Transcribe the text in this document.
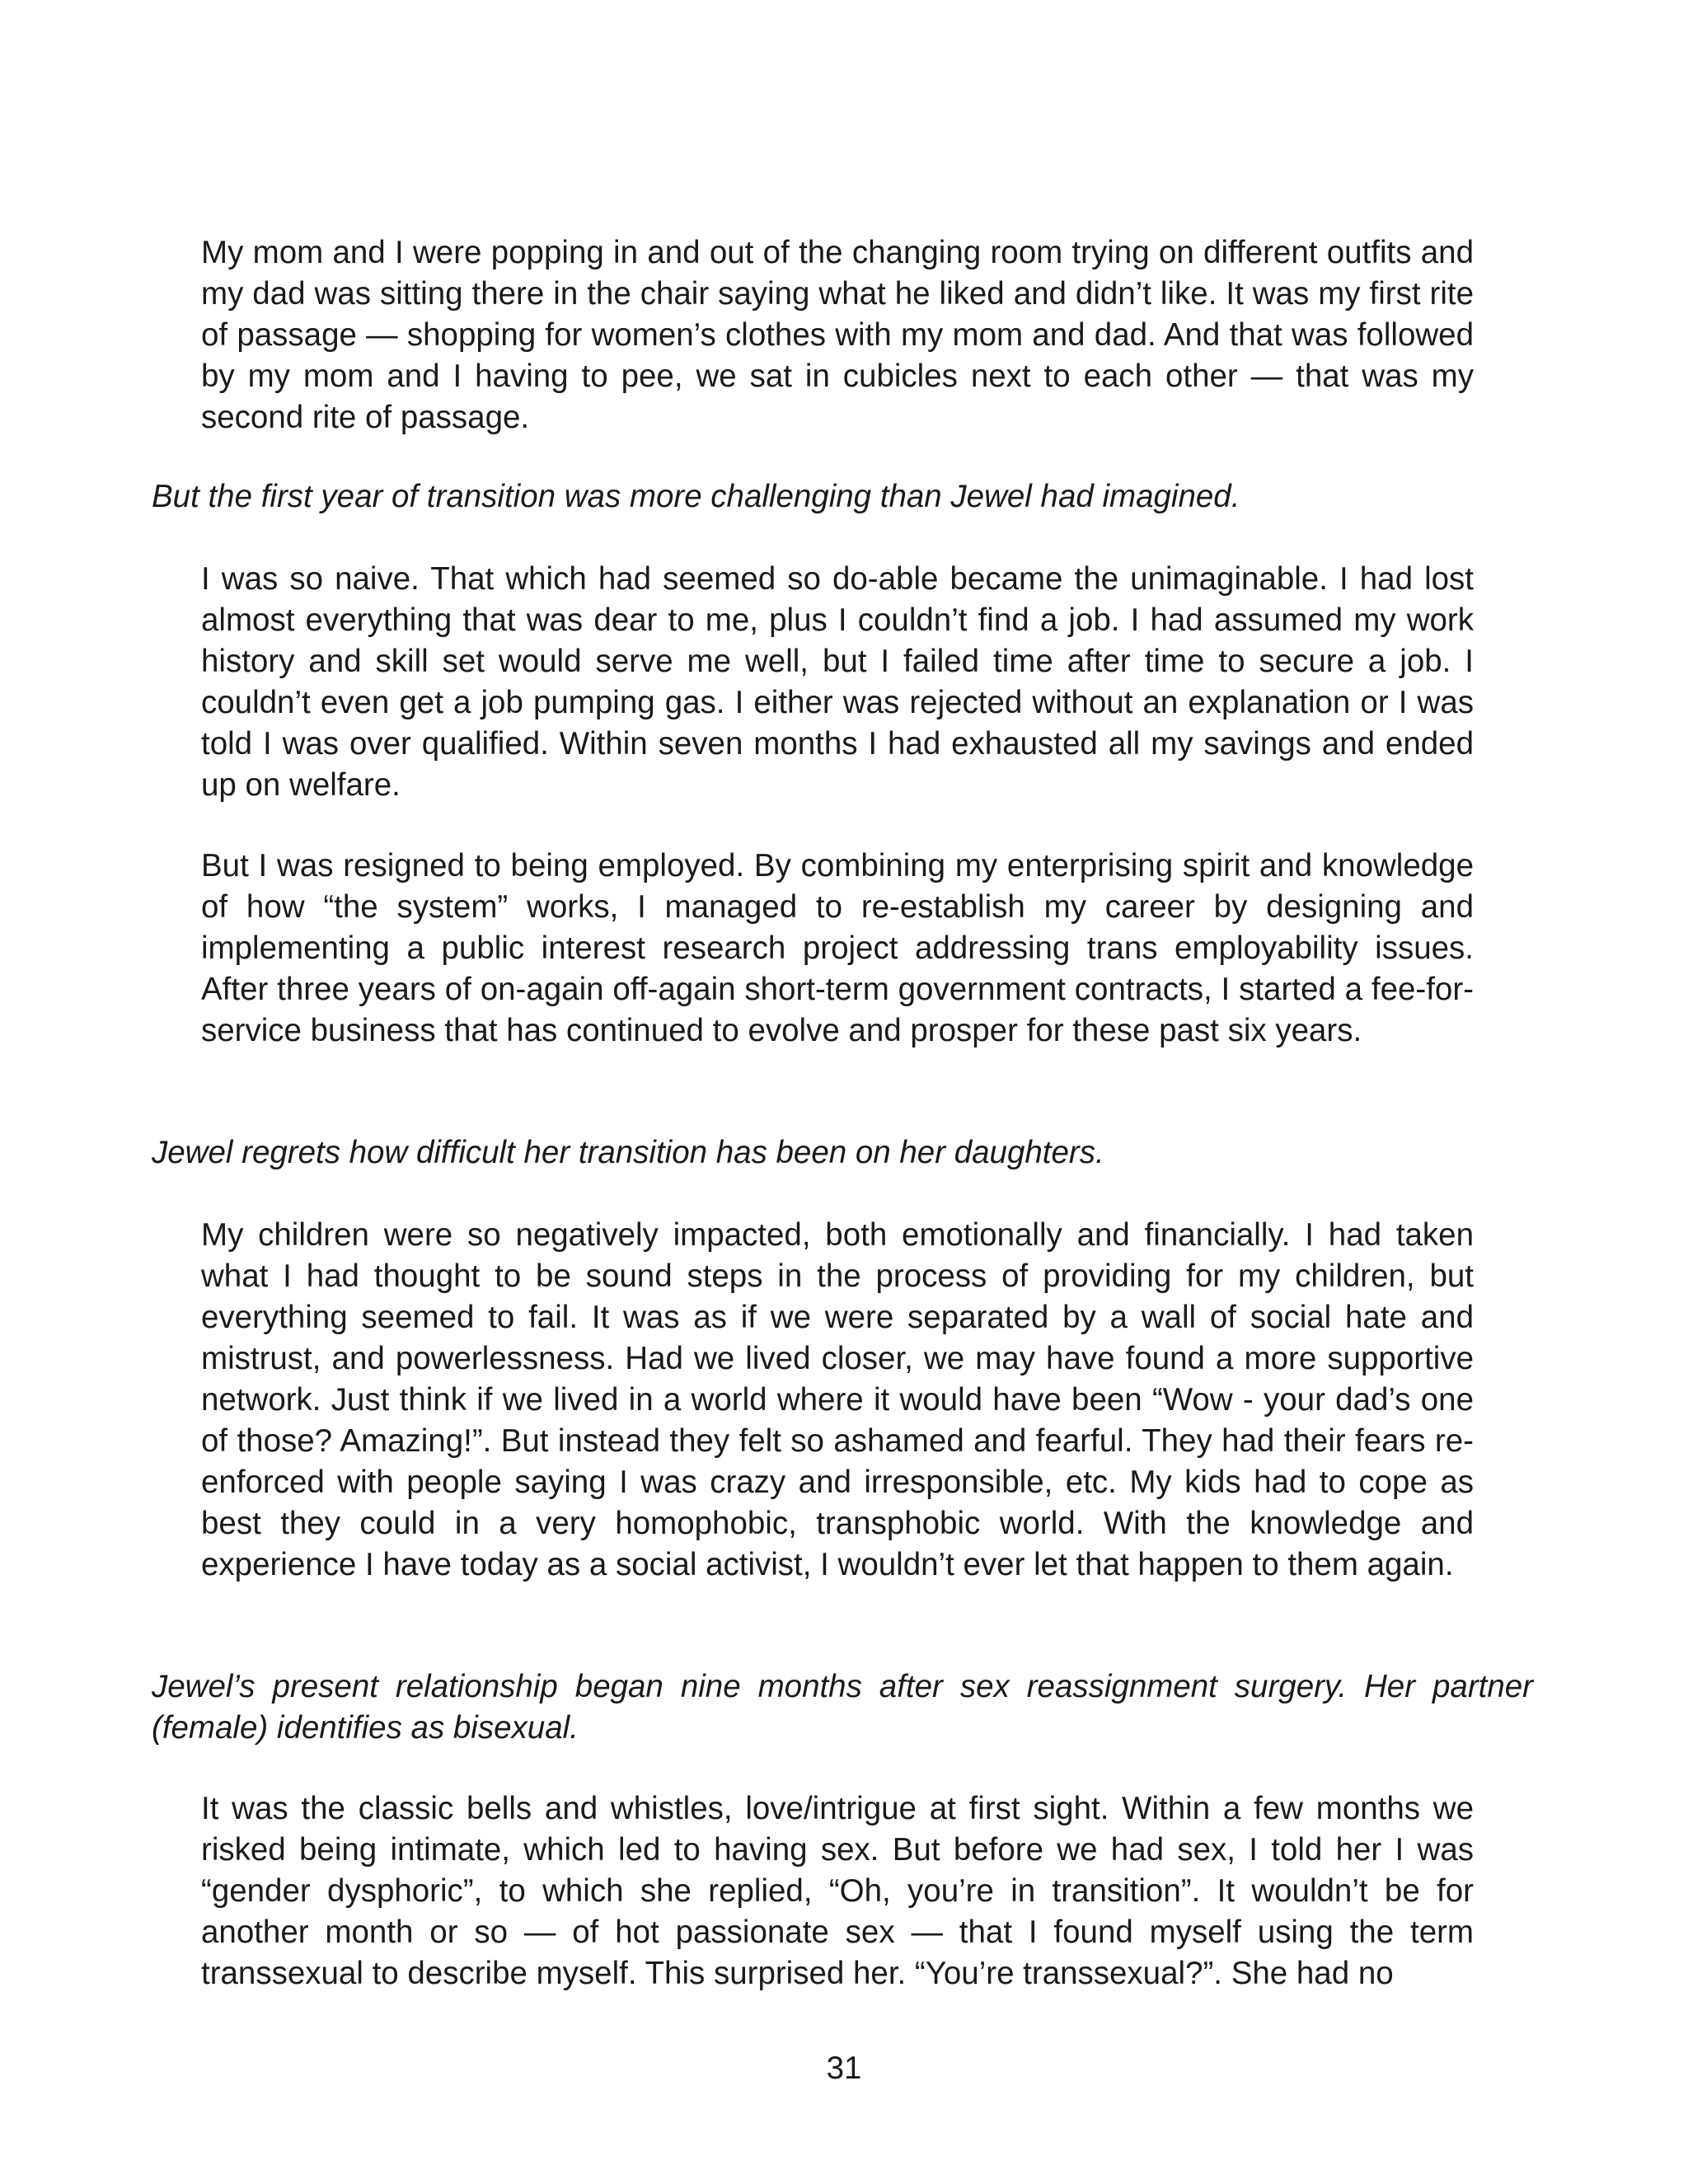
My mom and I were popping in and out of the changing room trying on different outfits and my dad was sitting there in the chair saying what he liked and didn’t like. It was my first rite of passage — shopping for women’s clothes with my mom and dad. And that was followed by my mom and I having to pee, we sat in cubicles next to each other — that was my second rite of passage.

But the first year of transition was more challenging than Jewel had imagined.

I was so naive. That which had seemed so do-able became the unimaginable. I had lost almost everything that was dear to me, plus I couldn’t find a job. I had assumed my work history and skill set would serve me well, but I failed time after time to secure a job. I couldn’t even get a job pumping gas. I either was rejected without an explanation or I was told I was over qualified. Within seven months I had exhausted all my savings and ended up on welfare.

But I was resigned to being employed. By combining my enterprising spirit and knowledge of how “the system” works, I managed to re-establish my career by designing and implementing a public interest research project addressing trans employability issues. After three years of on-again off-again short-term government contracts, I started a fee-for-service business that has continued to evolve and prosper for these past six years.

Jewel regrets how difficult her transition has been on her daughters.

My children were so negatively impacted, both emotionally and financially. I had taken what I had thought to be sound steps in the process of providing for my children, but everything seemed to fail. It was as if we were separated by a wall of social hate and mistrust, and powerlessness. Had we lived closer, we may have found a more supportive network. Just think if we lived in a world where it would have been “Wow - your dad’s one of those? Amazing!”. But instead they felt so ashamed and fearful. They had their fears re-enforced with people saying I was crazy and irresponsible, etc. My kids had to cope as best they could in a very homophobic, transphobic world. With the knowledge and experience I have today as a social activist, I wouldn’t ever let that happen to them again.

Jewel’s present relationship began nine months after sex reassignment surgery. Her partner (female) identifies as bisexual.

It was the classic bells and whistles, love/intrigue at first sight. Within a few months we risked being intimate, which led to having sex. But before we had sex, I told her I was “gender dysphoric”, to which she replied, “Oh, you’re in transition”. It wouldn’t be for another month or so — of hot passionate sex — that I found myself using the term transsexual to describe myself. This surprised her. “You’re transsexual?”. She had no

31
